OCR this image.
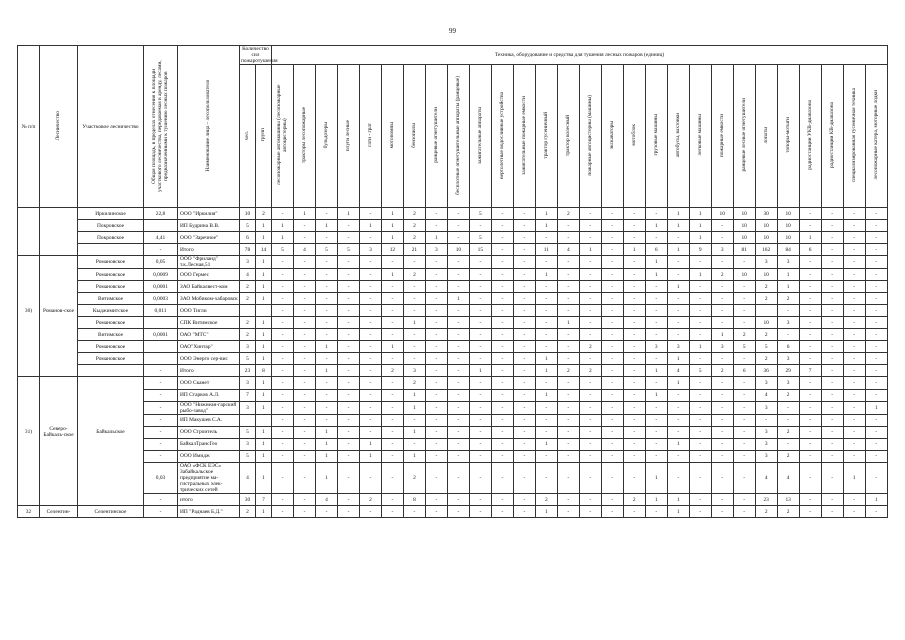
99
№ п/п	Лесничество	Участковое лесничество	Общая площадь, в пределах отнесения к площади участкового лесничества, передаваемая в аренду, лесами, предназначенными к тушению лесных пожаров	Наименование лица – лесопользователя	Количество сил пожаротушения		Техника, оборудование и средства для тушения лесных пожаров (единиц)																											
					чел.	групп	лесопожарные автомашины (лесопожарные автоцистерны)	тракторы лесопожарные	бульдозеры	плуги лесные	гати - грат	мотопомпы	бензопилы	ранцевые огнетушители	бесплотные огнетушительные аппараты (ранцевые)	зажигательные аппараты	вертолетные водосливные устройства	зажигательные пожарные емкости	трактор гусеничный	трактор колесный	пожарные автоцистерны (машины)	экскаваторы	мотоблок	грузовые машины	автобусы, вахтовки	легковые машины	пожарные емкости	ранцевые лесные огнетушители	лопаты	топоры-мотыги	радиостанции УКВ-диапазона	радиостанции КВ-диапазона	специализированная гусеничная техника	лесопожарные катера, моторные лодки
		Иркилинское	22,8	ООО "Иркилия"	10	2	-	1	-	1	-	1	2	-	-	5	-	-	1	2	-	-	-	-	1	1	10	10	30	10	-	-	-	-
		Покровское		ИП Будрина В.В.	5	1	1	-	1	-	1	1	2	-	-	-	-	-	1	-	-	-	-	1	1	1	-	10	10	10	-	-	-	-
		Покровское	4,41	ООО "Заречное"	6	1	1	-	-	-	-	1	2	1	-	5	-	-	-	-	-	-	-	-	-	1	-	10	10	10	1	-	-	-
			-	Итого	78	14	5	4	5	5	3	12	21	3	10	15	-	-	11	4	1	-	1	6	1	9	3	81	162	84	6	-	-	-
		Романовское	0,05	ООО "Фриланд" т.к.Лесная,51	3	1	-	-	-	-	-	-	-	-	-	-	-	-	-	-	-	-	-	1	-	-	-	-	3	3	-	-	-	-
		Романовское	0,0009	ООО Гермес	4	1	-	-	-	-	-	1	2	-	-	-	-	-	1	-	-	-	-	1	-	1	2	10	10	1	-	-	-	-
		Романовское	0,0001	ЗАО Байкалвест-ком	2	1	-	-	-	-	-	-	-	-	-	-	-	-	-	-	-	-	-	-	1	-	-	-	2	1	-	-	-	-
		Витимское	0,0003	ЗАО Мобиком-хабаровск	2	1	-	-	-	-	-	-	-	-	1	-	-	-	-	-	-	-	-	-	-	-	-	-	2	2	-	-	-	-
30)	Романов-ское	Кыджимитское	0,011	ООО Тигли			-	-	-	-	-	-	-	-	-	-	-	-	-	-	-	-	-	-	-	-	-	-		-	-	-	-	-
		Романовское		СПК Витимское	2	1	-	-	-	-	-	-	1	-	-	-	-	-	-	1	-	-	-	-	-	-	-	-	10	3	-	-	-	-
		Витимское	0,0001	ОАО "МТС"	2	1	-	-	-	-	-	-	-	-	-	-	-	-	-	-	-	-	-	-	-	-	1	2	2	-	-	-	-	-
		Романовское		ОАО"Хинтар"	3	1	-	-	1	-	-	1	-	-	-	-	-	-	-	-	2	-	-	3	3	1	3	5	5	6	-	-	-	-
		Романовское		ООО Энерго сер-вис	5	1	-	-	-	-	-	-	-	-	-	-	-	-	1	-	-	-	-	-	1	-	-	-	2	3	-	-	-	-
			-	Итого	23	8	-	-	1	-	-	2	3	-	-	1	-	-	1	2	2	-	-	1	4	5	2	6	36	29	7	-	-	-
			-	ООО Сканет	3	1	-	-	-	-	-	-	2	-	-	-	-	-	-	-	-	-	-	-	1	-	-	-	3	3	-	-	-	-
			-	ИП Старков А.Л.	7	1	-	-	-	-	-	-	1	-	-	-	-	-	1	-	-	-	-	1	-	-	-	-	4	2	-	-	-	-
			-	ООО "Нижнеан-гарский рыбо-завод"	3	1	-	-	-	-	-	-	1	-	-	-	-	-	-	-	-	-	-	-	-	-	-	-	3	-	-	-	-	1
			-	ИП Макушев С.А.			-	-	-	-	-	-	-	-	-	-	-	-	-	-	-	-	-	-	-	-	-	-	-	-	-	-	-	-
31)	Северо-Байкаль-ское	Байкальское	-	ООО Строитель	5	1	-	-	1	-	-	-	1	-	-	-	-	-	-	-	-	-	-	-	-	-	-	-	3	2	-	-	-	-
			-	БайкалТрансГео	3	1	-	-	1	-	1	-	-	-	-	-	-	-	1	-	-	-	-	-	1	-	-	-	3	-	-	-	-	-
			-	ООО Имидж	5	1	-	-	1	-	1	-	1	-	-	-	-	-	-	-	-	-	-	-	-	-	-	-	3	2	-	-	-	-
			0,03	ОАО «ФСК ЕЭС» Забайкальское предприятие ма-гистральных элек-трических сетей	4	1	-	-	1	-	-	-	2	-	-	-	-	-	-	-	-	-	-	1	-	-	-	-	4	4	-	-	1	-
			-	итого	30	7	-	-	4	-	2	-	8	-	-	-	-	-	2	-	-	-	2	1	1	-	-	-	23	13	-	-	-	1
32	Селенгин-	Селенгинское	-	ИП "Раднаев Б.Д."	2	1	-	-	-	-	-	-	-	-	-	-	-	-	1	-	-	-	-	-	1	-	-	-	2	2	-	-	-	-
